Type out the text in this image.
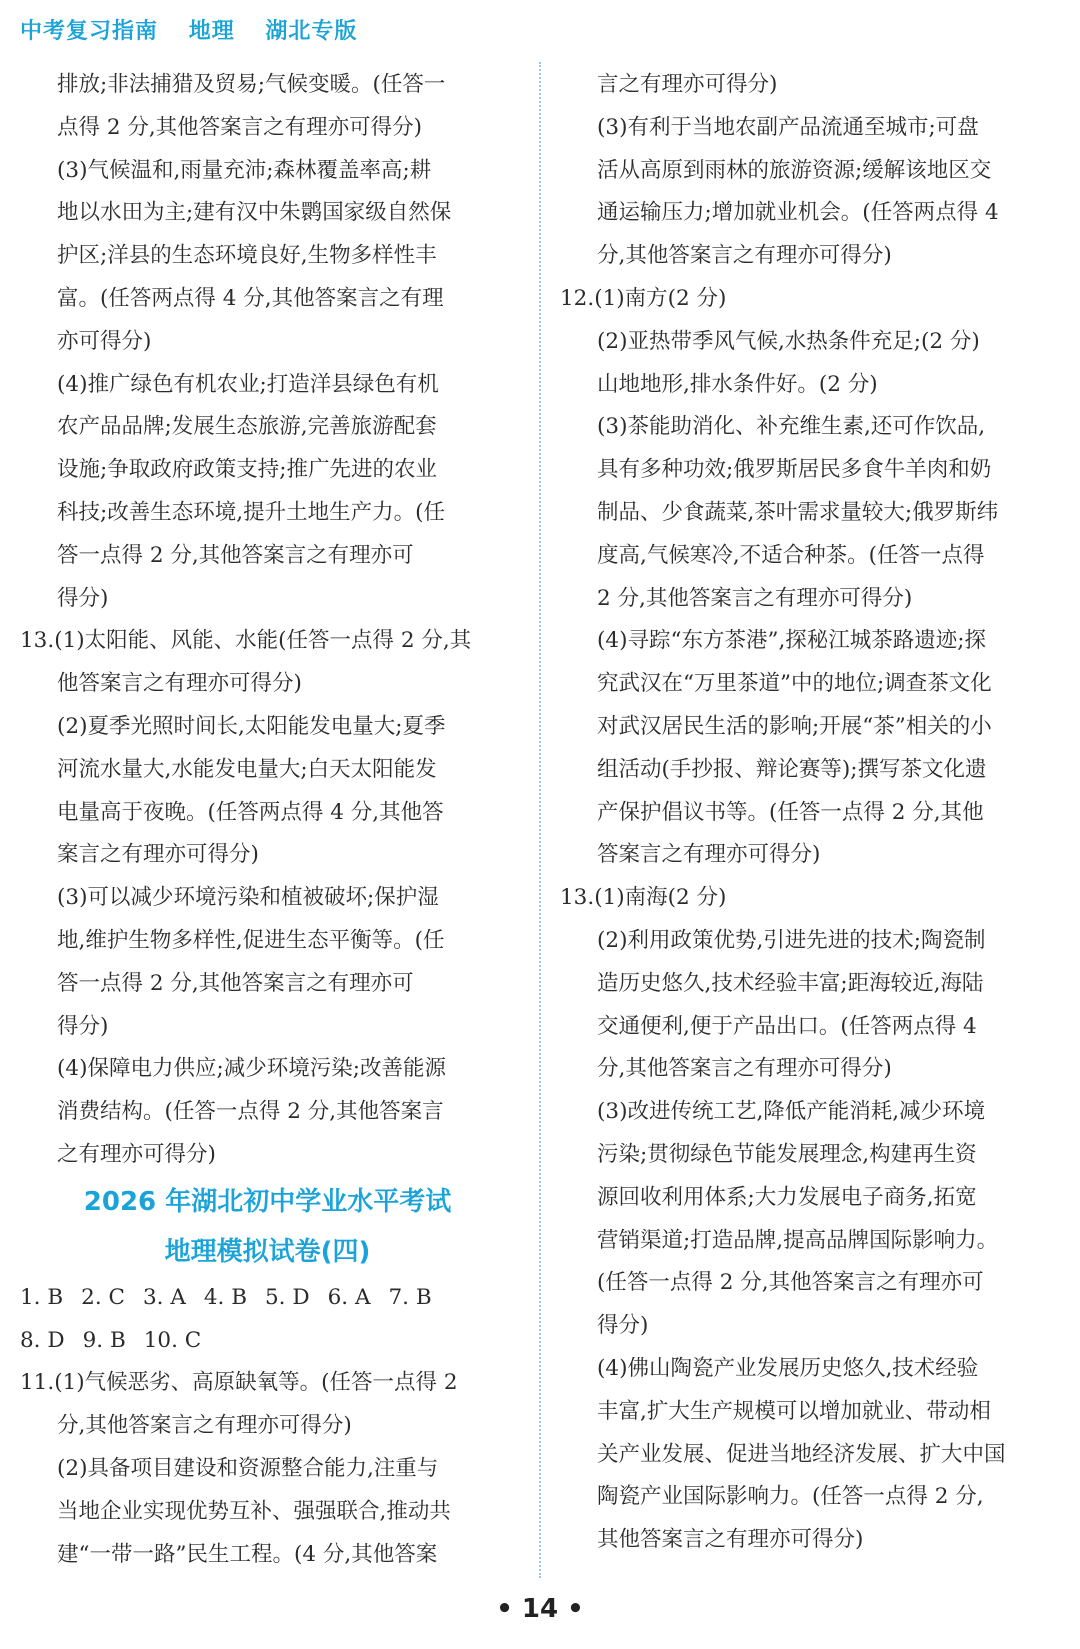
中考复习指南 地理 湖北专版
排放;非法捕猎及贸易;气候变暖。(任答一
点得 2 分,其他答案言之有理亦可得分)
(3)气候温和,雨量充沛;森林覆盖率高;耕
地以水田为主;建有汉中朱鹮国家级自然保
护区;洋县的生态环境良好,生物多样性丰
富。(任答两点得 4 分,其他答案言之有理
亦可得分)
(4)推广绿色有机农业;打造洋县绿色有机
农产品品牌;发展生态旅游,完善旅游配套
设施;争取政府政策支持;推广先进的农业
科技;改善生态环境,提升土地生产力。(任
答一点得 2 分,其他答案言之有理亦可
得分)
13.(1)太阳能、风能、水能(任答一点得 2 分,其
他答案言之有理亦可得分)
(2)夏季光照时间长,太阳能发电量大;夏季
河流水量大,水能发电量大;白天太阳能发
电量高于夜晚。(任答两点得 4 分,其他答
案言之有理亦可得分)
(3)可以减少环境污染和植被破坏;保护湿
地,维护生物多样性,促进生态平衡等。(任
答一点得 2 分,其他答案言之有理亦可
得分)
(4)保障电力供应;减少环境污染;改善能源
消费结构。(任答一点得 2 分,其他答案言
之有理亦可得分)
2026 年湖北初中学业水平考试
地理模拟试卷(四)
1. B 2. C 3. A 4. B 5. D 6. A 7. B
8. D 9. B 10. C
11.(1)气候恶劣、高原缺氧等。(任答一点得 2
分,其他答案言之有理亦可得分)
(2)具备项目建设和资源整合能力,注重与
当地企业实现优势互补、强强联合,推动共
建“一带一路”民生工程。(4 分,其他答案
言之有理亦可得分)
(3)有利于当地农副产品流通至城市;可盘
活从高原到雨林的旅游资源;缓解该地区交
通运输压力;增加就业机会。(任答两点得 4
分,其他答案言之有理亦可得分)
12.(1)南方(2 分)
(2)亚热带季风气候,水热条件充足;(2 分)
山地地形,排水条件好。(2 分)
(3)茶能助消化、补充维生素,还可作饮品,
具有多种功效;俄罗斯居民多食牛羊肉和奶
制品、少食蔬菜,茶叶需求量较大;俄罗斯纬
度高,气候寒冷,不适合种茶。(任答一点得
2 分,其他答案言之有理亦可得分)
(4)寻踪“东方茶港”,探秘江城茶路遗迹;探
究武汉在“万里茶道”中的地位;调查茶文化
对武汉居民生活的影响;开展“茶”相关的小
组活动(手抄报、辩论赛等);撰写茶文化遗
产保护倡议书等。(任答一点得 2 分,其他
答案言之有理亦可得分)
13.(1)南海(2 分)
(2)利用政策优势,引进先进的技术;陶瓷制
造历史悠久,技术经验丰富;距海较近,海陆
交通便利,便于产品出口。(任答两点得 4
分,其他答案言之有理亦可得分)
(3)改进传统工艺,降低产能消耗,减少环境
污染;贯彻绿色节能发展理念,构建再生资
源回收利用体系;大力发展电子商务,拓宽
营销渠道;打造品牌,提高品牌国际影响力。
(任答一点得 2 分,其他答案言之有理亦可
得分)
(4)佛山陶瓷产业发展历史悠久,技术经验
丰富,扩大生产规模可以增加就业、带动相
关产业发展、促进当地经济发展、扩大中国
陶瓷产业国际影响力。(任答一点得 2 分,
其他答案言之有理亦可得分)
• 14 •
